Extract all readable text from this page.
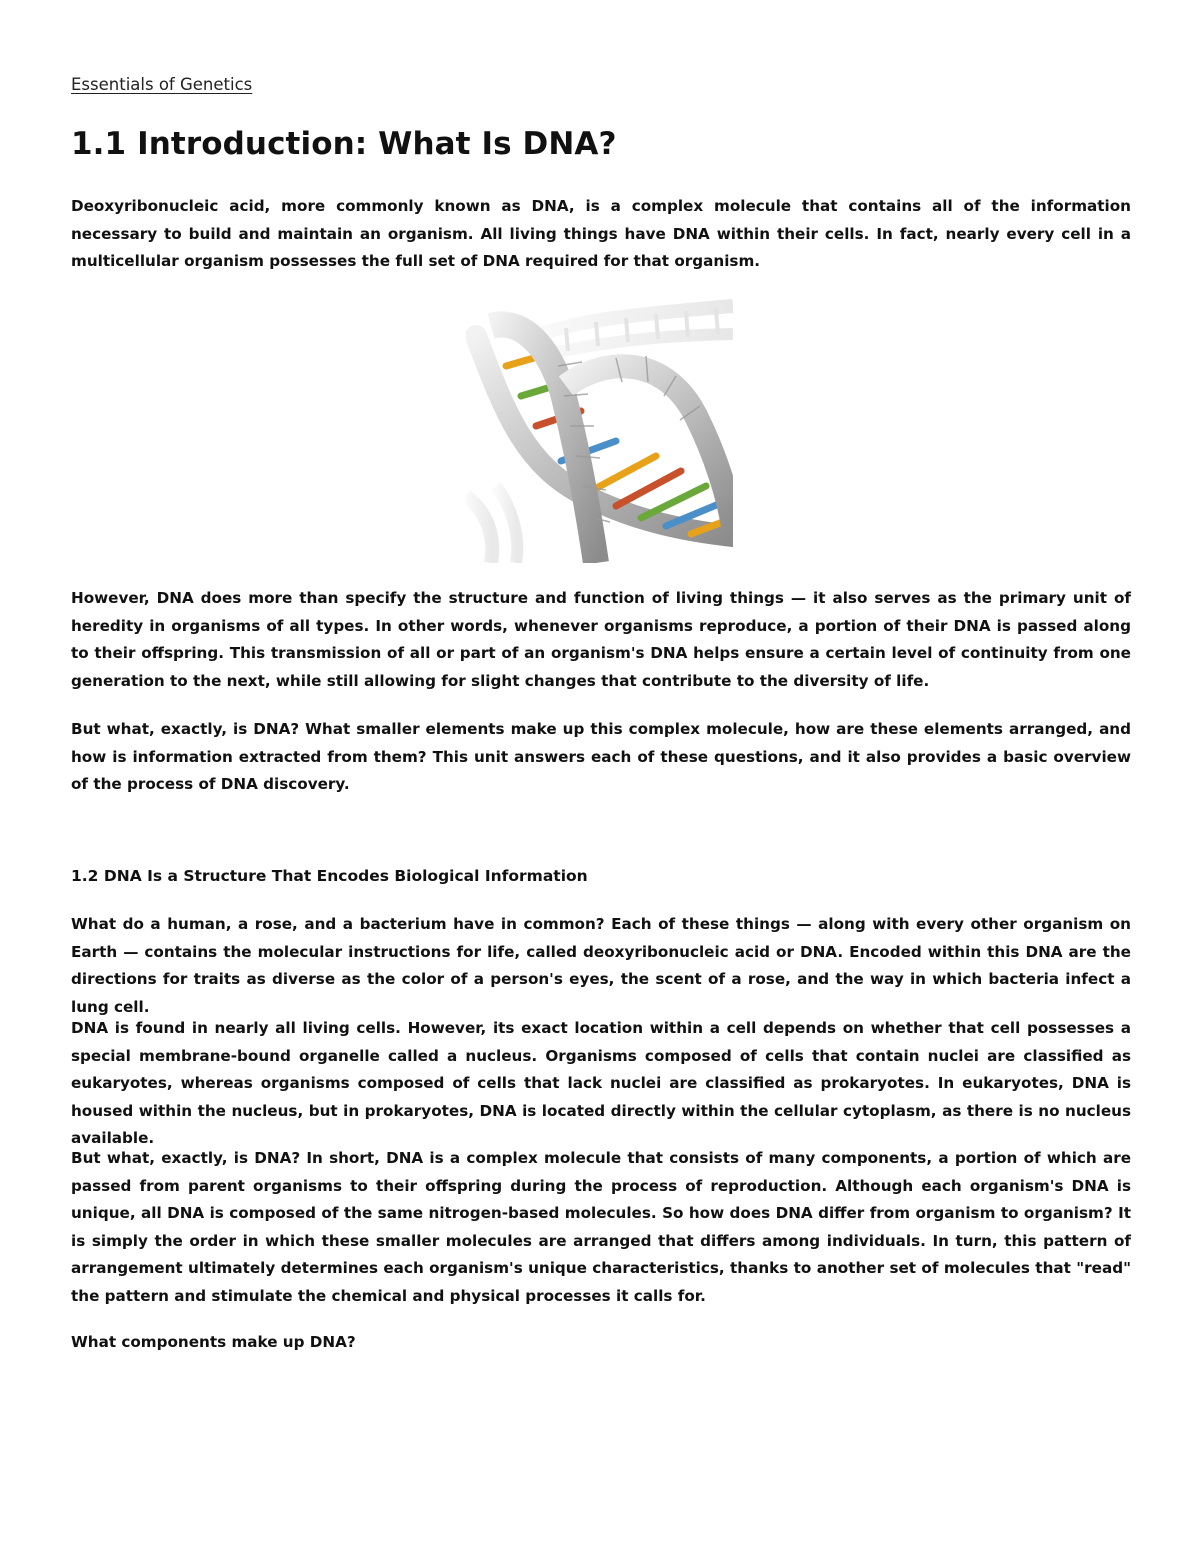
Essentials of Genetics
1.1 Introduction: What Is DNA?
Deoxyribonucleic acid, more commonly known as DNA, is a complex molecule that contains all of the information necessary to build and maintain an organism. All living things have DNA within their cells. In fact, nearly every cell in a multicellular organism possesses the full set of DNA required for that organism.
However, DNA does more than specify the structure and function of living things — it also serves as the primary unit of heredity in organisms of all types. In other words, whenever organisms reproduce, a portion of their DNA is passed along to their offspring. This transmission of all or part of an organism's DNA helps ensure a certain level of continuity from one generation to the next, while still allowing for slight changes that contribute to the diversity of life.
But what, exactly, is DNA? What smaller elements make up this complex molecule, how are these elements arranged, and how is information extracted from them? This unit answers each of these questions, and it also provides a basic overview of the process of DNA discovery.
1.2 DNA Is a Structure That Encodes Biological Information
What do a human, a rose, and a bacterium have in common? Each of these things — along with every other organism on Earth — contains the molecular instructions for life, called deoxyribonucleic acid or DNA. Encoded within this DNA are the directions for traits as diverse as the color of a person's eyes, the scent of a rose, and the way in which bacteria infect a lung cell.
DNA is found in nearly all living cells. However, its exact location within a cell depends on whether that cell possesses a special membrane-bound organelle called a nucleus. Organisms composed of cells that contain nuclei are classified as eukaryotes, whereas organisms composed of cells that lack nuclei are classified as prokaryotes. In eukaryotes, DNA is housed within the nucleus, but in prokaryotes, DNA is located directly within the cellular cytoplasm, as there is no nucleus available.
But what, exactly, is DNA? In short, DNA is a complex molecule that consists of many components, a portion of which are passed from parent organisms to their offspring during the process of reproduction. Although each organism's DNA is unique, all DNA is composed of the same nitrogen-based molecules. So how does DNA differ from organism to organism? It is simply the order in which these smaller molecules are arranged that differs among individuals. In turn, this pattern of arrangement ultimately determines each organism's unique characteristics, thanks to another set of molecules that "read" the pattern and stimulate the chemical and physical processes it calls for.
What components make up DNA?
